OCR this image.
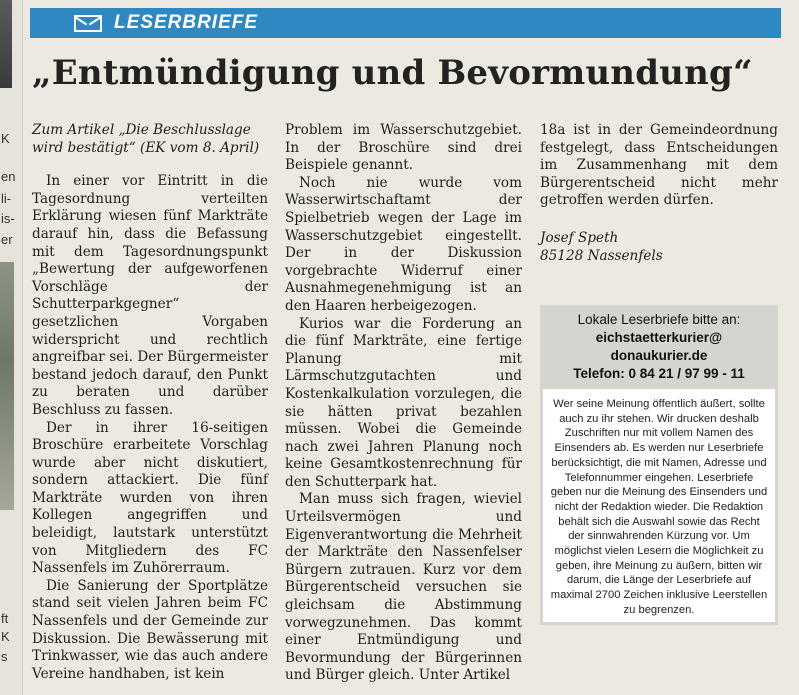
K
en
li-
is-
er
ft
K
s
LESERBRIEFE
„Entmündigung und Bevormundung“

Zum Artikel „Die Beschlusslage wird bestätigt“ (EK vom 8. April)

In einer vor Eintritt in die Tagesordnung verteilten Erklärung wiesen fünf Markträte darauf hin, dass die Befassung mit dem Tagesordnungspunkt „Bewertung der aufgeworfenen Vorschläge der Schutterparkgegner“ gesetzlichen Vorgaben widerspricht und rechtlich angreifbar sei. Der Bürgermeister bestand jedoch darauf, den Punkt zu beraten und darüber Beschluss zu fassen.

Der in ihrer 16-seitigen Broschüre erarbeitete Vorschlag wurde aber nicht diskutiert, sondern attackiert. Die fünf Markträte wurden von ihren Kollegen angegriffen und beleidigt, lautstark unterstützt von Mitgliedern des FC Nassenfels im Zuhörerraum.

Die Sanierung der Sportplätze stand seit vielen Jahren beim FC Nassenfels und der Gemeinde zur Diskussion. Die Bewässerung mit Trinkwasser, wie das auch andere Vereine handhaben, ist kein

Problem im Wasserschutzgebiet. In der Broschüre sind drei Beispiele genannt.

Noch nie wurde vom Wasserwirtschaftamt der Spielbetrieb wegen der Lage im Wasserschutzgebiet eingestellt. Der in der Diskussion vorgebrachte Widerruf einer Ausnahmegenehmigung ist an den Haaren herbeigezogen.

Kurios war die Forderung an die fünf Markträte, eine fertige Planung mit Lärmschutzgutachten und Kostenkalkulation vorzulegen, die sie hätten privat bezahlen müssen. Wobei die Gemeinde nach zwei Jahren Planung noch keine Gesamtkostenrechnung für den Schutterpark hat.

Man muss sich fragen, wieviel Urteilsvermögen und Eigenverantwortung die Mehrheit der Markträte den Nassenfelser Bürgern zutrauen. Kurz vor dem Bürgerentscheid versuchen sie gleichsam die Abstimmung vorwegzunehmen. Das kommt einer Entmündigung und Bevormundung der Bürgerinnen und Bürger gleich. Unter Artikel

18a ist in der Gemeindeordnung festgelegt, dass Entscheidungen im Zusammenhang mit dem Bürgerentscheid nicht mehr getroffen werden dürfen.

Josef Speth
85128 Nassenfels

Lokale Leserbriefe bitte an:
eichstaetterkurier@
donaukurier.de
Telefon: 0 84 21 / 97 99 - 11
Wer seine Meinung öffentlich äußert, sollte auch zu ihr stehen. Wir drucken deshalb Zuschriften nur mit vollem Namen des Einsenders ab. Es werden nur Leserbriefe berücksichtigt, die mit Namen, Adresse und Telefonnummer eingehen. Leserbriefe geben nur die Meinung des Einsenders und nicht der Redaktion wieder. Die Redaktion behält sich die Auswahl sowie das Recht der sinnwahrenden Kürzung vor. Um möglichst vielen Lesern die Möglichkeit zu geben, ihre Meinung zu äußern, bitten wir darum, die Länge der Leserbriefe auf maximal 2700 Zeichen inklusive Leerstellen zu begrenzen.
